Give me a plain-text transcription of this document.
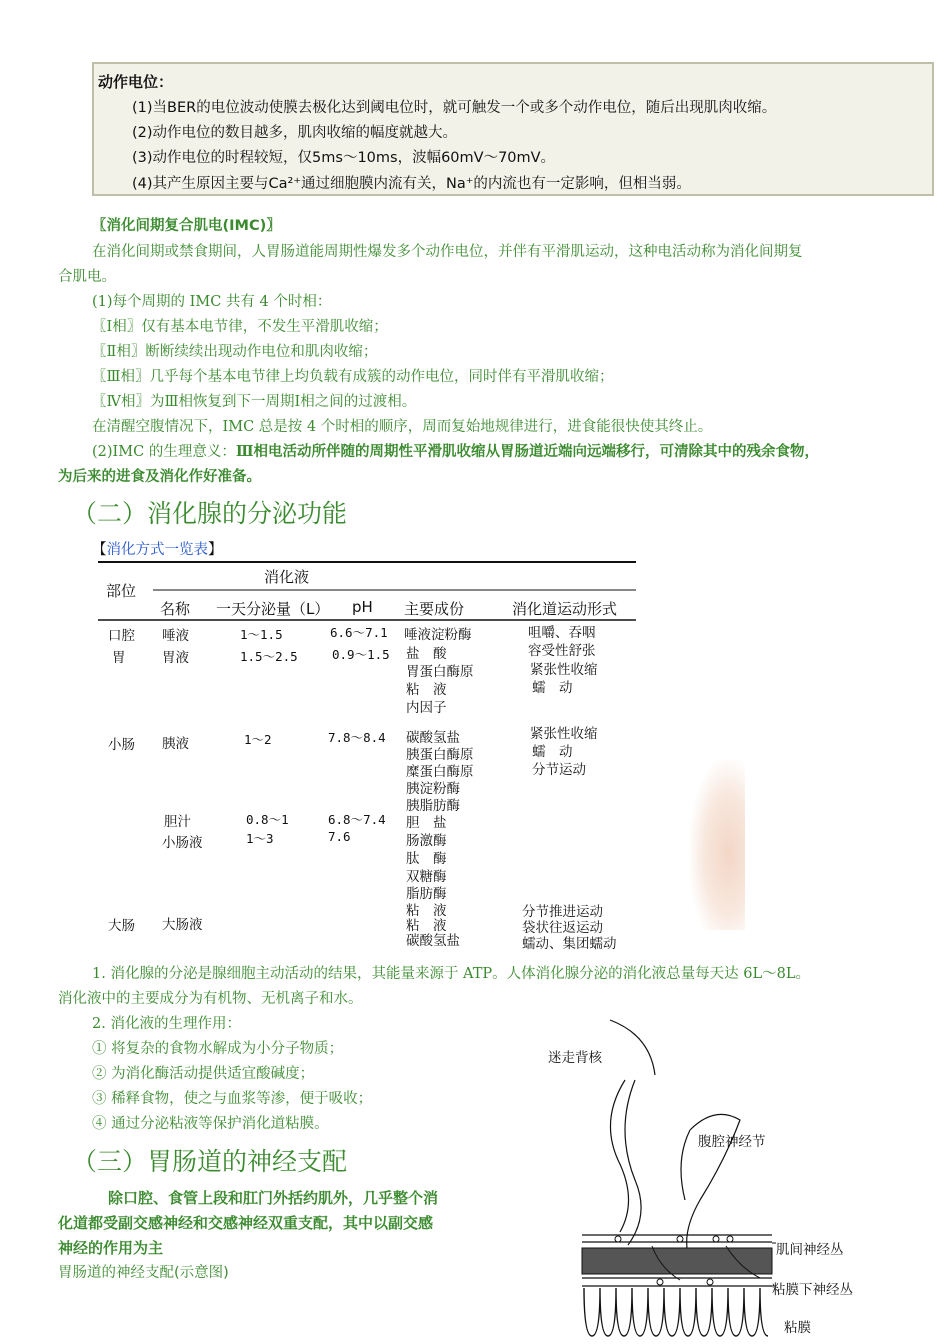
动作电位：
(1)当BER的电位波动使膜去极化达到阈电位时，就可触发一个或多个动作电位，随后出现肌肉收缩。
(2)动作电位的数目越多，肌肉收缩的幅度就越大。
(3)动作电位的时程较短，仅5ms～10ms，波幅60mV～70mV。
(4)其产生原因主要与Ca²⁺通过细胞膜内流有关，Na⁺的内流也有一定影响，但相当弱。
〖消化间期复合肌电(IMC)〗
在消化间期或禁食期间，人胃肠道能周期性爆发多个动作电位，并伴有平滑肌运动，这种电活动称为消化间期复
合肌电。
(1)每个周期的 IMC 共有 4 个时相：
〖Ⅰ相〗仅有基本电节律，不发生平滑肌收缩；
〖Ⅱ相〗断断续续出现动作电位和肌肉收缩；
〖Ⅲ相〗几乎每个基本电节律上均负载有成簇的动作电位，同时伴有平滑肌收缩；
〖Ⅳ相〗为Ⅲ相恢复到下一周期Ⅰ相之间的过渡相。
在清醒空腹情况下，IMC 总是按 4 个时相的顺序，周而复始地规律进行，进食能很快使其终止。
(2)IMC 的生理意义：Ⅲ相电活动所伴随的周期性平滑肌收缩从胃肠道近端向远端移行，可清除其中的残余食物，
为后来的进食及消化作好准备。
（二）消化腺的分泌功能
【消化方式一览表】
部位
消化液
名称 一天分泌量（L） pH 主要成份	消化道运动形式
口腔
胃
小肠
大肠
唾液
胃液
胰液
胆汁
小肠液
大肠液
1～1.5
1.5～2.5
1～2
0.8～1
1～3
6.6～7.1
0.9～1.5
7.8～8.4
6.8～7.4
7.6
唾液淀粉酶
盐　酸
胃蛋白酶原
粘　液
内因子
碳酸氢盐
胰蛋白酶原
糜蛋白酶原
胰淀粉酶
胰脂肪酶
胆　盐
肠激酶
肽　酶
双糖酶
脂肪酶
粘　液
粘　液
碳酸氢盐
咀嚼、吞咽
容受性舒张
紧张性收缩
蠕　动
紧张性收缩
蠕　动
分节运动
分节推进运动
袋状往返运动
蠕动、集团蠕动
1. 消化腺的分泌是腺细胞主动活动的结果，其能量来源于 ATP。人体消化腺分泌的消化液总量每天达 6L～8L。
消化液中的主要成分为有机物、无机离子和水。
2. 消化液的生理作用：
① 将复杂的食物水解成为小分子物质；
② 为消化酶活动提供适宜酸碱度；
③ 稀释食物，使之与血浆等渗，便于吸收；
④ 通过分泌粘液等保护消化道粘膜。
（三）胃肠道的神经支配
除口腔、食管上段和肛门外括约肌外，几乎整个消
化道都受副交感神经和交感神经双重支配，其中以副交感
神经的作用为主
胃肠道的神经支配(示意图)
迷走背核
腹腔神经节
肌间神经丛
粘膜下神经丛
粘膜
